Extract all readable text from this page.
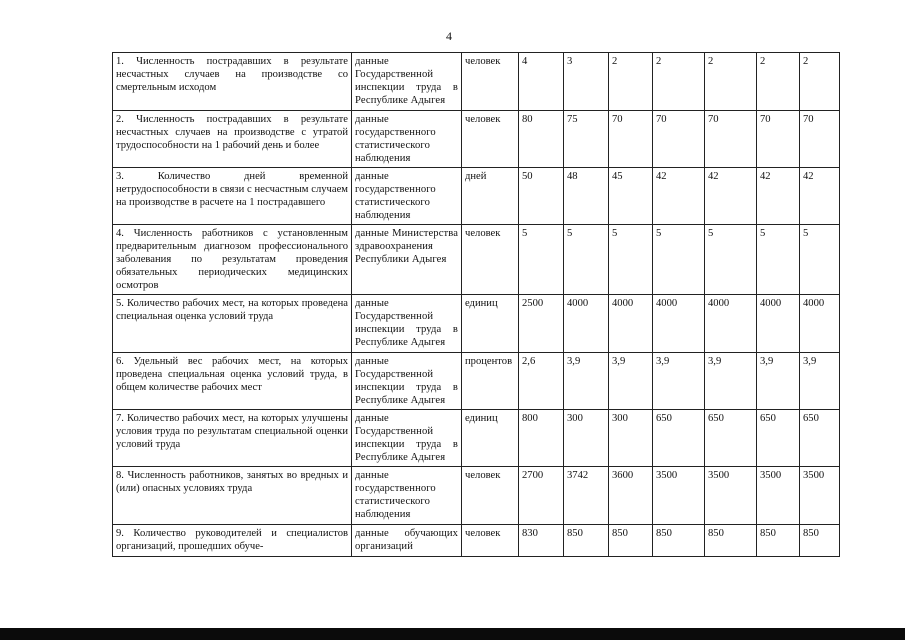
4
1. Численность пострадавших в результате несчастных случаев на производстве со смертельным исходом	данные Государственной инспекции труда в Республике Адыгея	человек	4	3	2	2	2	2	2
2. Численность пострадавших в результате несчастных случаев на производстве с утратой трудоспособности на 1 рабочий день и более	данные государственного статистического наблюдения	человек	80	75	70	70	70	70	70
3. Количество дней временной нетрудоспособности в связи с несчастным случаем на производстве в расчете на 1 пострадавшего	данные государственного статистического наблюдения	дней	50	48	45	42	42	42	42
4. Численность работников с установленным предварительным диагнозом профессионального заболевания по результатам проведения обязательных периодических медицинских осмотров	данные Министерства здравоохранения Республики Адыгея	человек	5	5	5	5	5	5	5
5. Количество рабочих мест, на которых проведена специальная оценка условий труда	данные Государственной инспекции труда в Республике Адыгея	единиц	2500	4000	4000	4000	4000	4000	4000
6. Удельный вес рабочих мест, на которых проведена специальная оценка условий труда, в общем количестве рабочих мест	данные Государственной инспекции труда в Республике Адыгея	процентов	2,6	3,9	3,9	3,9	3,9	3,9	3,9
7. Количество рабочих мест, на которых улучшены условия труда по результатам специальной оценки условий труда	данные Государственной инспекции труда в Республике Адыгея	единиц	800	300	300	650	650	650	650
8. Численность работников, занятых во вредных и (или) опасных условиях труда	данные государственного статистического наблюдения	человек	2700	3742	3600	3500	3500	3500	3500
9. Количество руководителей и специалистов организаций, прошедших обуче-	данные обучающих организаций	человек	830	850	850	850	850	850	850
